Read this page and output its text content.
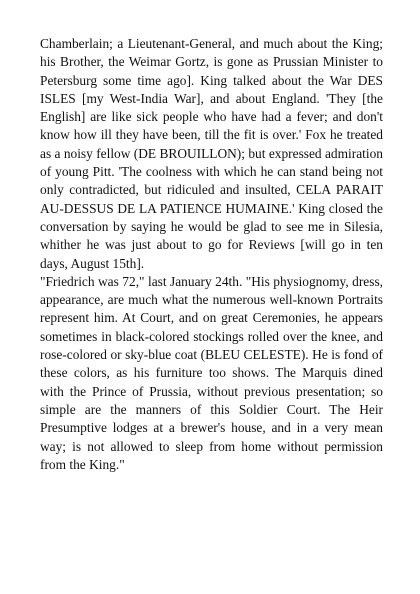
Chamberlain; a Lieutenant-General, and much about the King; his Brother, the Weimar Gortz, is gone as Prussian Minister to Petersburg some time ago]. King talked about the War DES ISLES [my West-India War], and about England. 'They [the English] are like sick people who have had a fever; and don't know how ill they have been, till the fit is over.' Fox he treated as a noisy fellow (DE BROUILLON); but expressed admiration of young Pitt. 'The coolness with which he can stand being not only contradicted, but ridiculed and insulted, CELA PARAIT AU-DESSUS DE LA PATIENCE HUMAINE.' King closed the conversation by saying he would be glad to see me in Silesia, whither he was just about to go for Reviews [will go in ten days, August 15th].

"Friedrich was 72," last January 24th. "His physiognomy, dress, appearance, are much what the numerous well-known Portraits represent him. At Court, and on great Ceremonies, he appears sometimes in black-colored stockings rolled over the knee, and rose-colored or sky-blue coat (BLEU CELESTE). He is fond of these colors, as his furniture too shows. The Marquis dined with the Prince of Prussia, without previous presentation; so simple are the manners of this Soldier Court. The Heir Presumptive lodges at a brewer's house, and in a very mean way; is not allowed to sleep from home without permission from the King."
